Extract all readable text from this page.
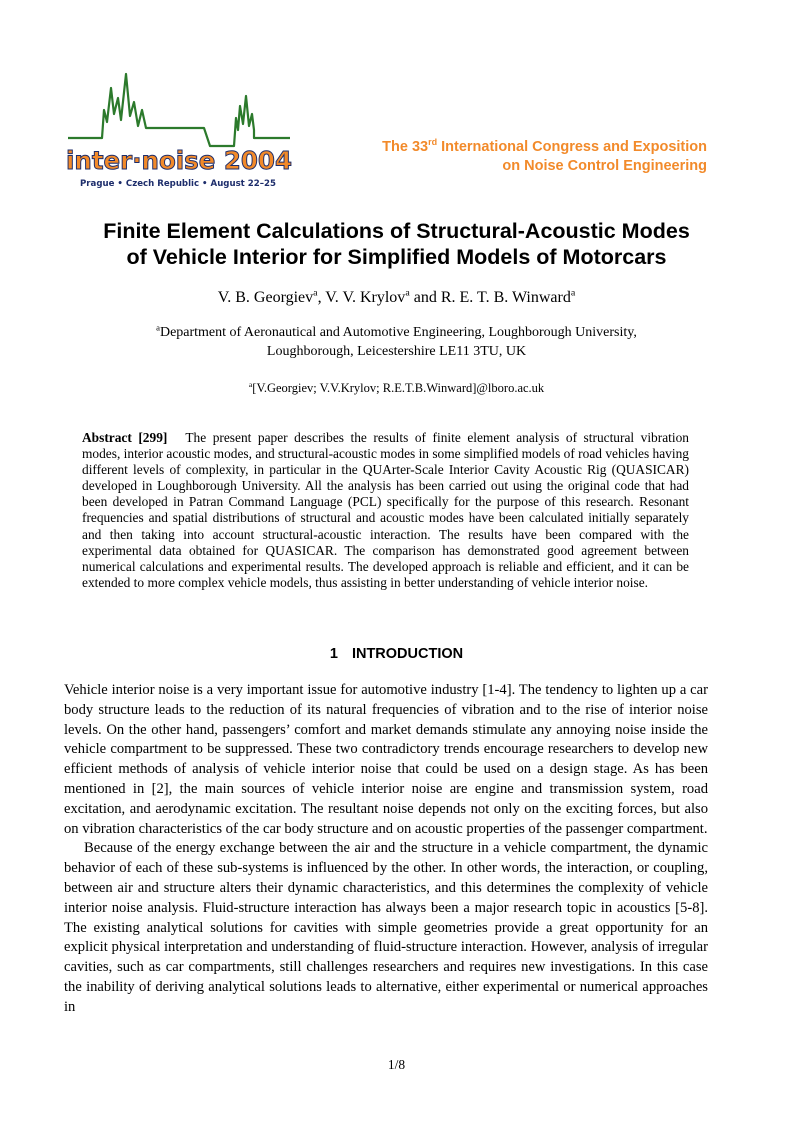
inter·noise 2004
Prague • Czech Republic • August 22–25
The 33rd International Congress and Exposition
on Noise Control Engineering
Finite Element Calculations of Structural-Acoustic Modes
of Vehicle Interior for Simplified Models of Motorcars
V. B. Georgiev$^a$, V. V. Krylov$^a$ and R. E. T. B. Winward$^a$
$^a$Department of Aeronautical and Automotive Engineering, Loughborough University,
Loughborough, Leicestershire LE11 3TU, UK
$^a$[V.Georgiev; V.V.Krylov; R.E.T.B.Winward]@lboro.ac.uk
Abstract [299] The present paper describes the results of finite element analysis of structural vibration modes, interior acoustic modes, and structural-acoustic modes in some simplified models of road vehicles having different levels of complexity, in particular in the QUArter-Scale Interior Cavity Acoustic Rig (QUASICAR) developed in Loughborough University. All the analysis has been carried out using the original code that had been developed in Patran Command Language (PCL) specifically for the purpose of this research. Resonant frequencies and spatial distributions of structural and acoustic modes have been calculated initially separately and then taking into account structural-acoustic interaction. The results have been compared with the experimental data obtained for QUASICAR. The comparison has demonstrated good agreement between numerical calculations and experimental results. The developed approach is reliable and efficient, and it can be extended to more complex vehicle models, thus assisting in better understanding of vehicle interior noise.
1 INTRODUCTION

Vehicle interior noise is a very important issue for automotive industry [1-4]. The tendency to lighten up a car body structure leads to the reduction of its natural frequencies of vibration and to the rise of interior noise levels. On the other hand, passengers’ comfort and market demands stimulate any annoying noise inside the vehicle compartment to be suppressed. These two contradictory trends encourage researchers to develop new efficient methods of analysis of vehicle interior noise that could be used on a design stage. As has been mentioned in [2], the main sources of vehicle interior noise are engine and transmission system, road excitation, and aerodynamic excitation. The resultant noise depends not only on the exciting forces, but also on vibration characteristics of the car body structure and on acoustic properties of the passenger compartment.

Because of the energy exchange between the air and the structure in a vehicle compartment, the dynamic behavior of each of these sub-systems is influenced by the other. In other words, the interaction, or coupling, between air and structure alters their dynamic characteristics, and this determines the complexity of vehicle interior noise analysis. Fluid-structure interaction has always been a major research topic in acoustics [5-8]. The existing analytical solutions for cavities with simple geometries provide a great opportunity for an explicit physical interpretation and understanding of fluid-structure interaction. However, analysis of irregular cavities, such as car compartments, still challenges researchers and requires new investigations. In this case the inability of deriving analytical solutions leads to alternative, either experimental or numerical approaches in

1/8
